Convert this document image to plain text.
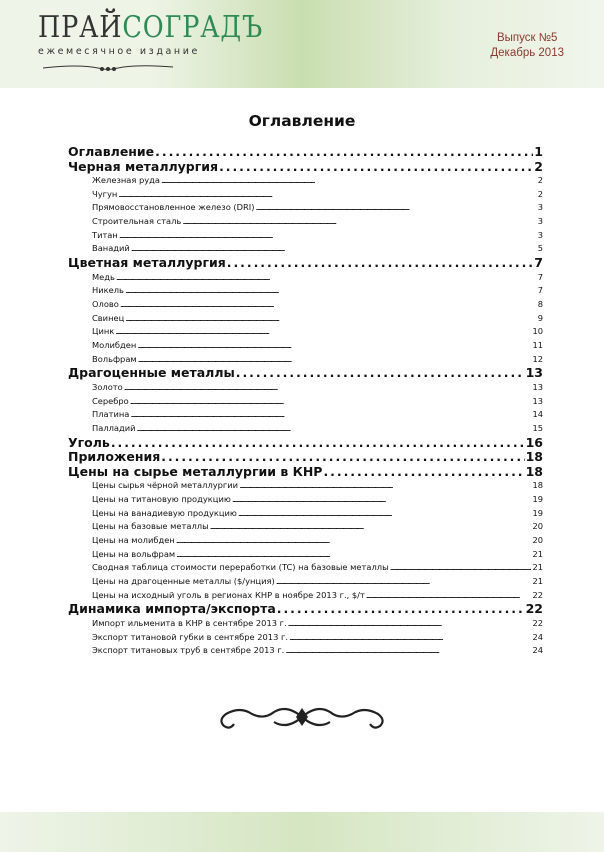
ПРАЙСОГРАДЪ
ежемесячное издание
Выпуск №5
Декабрь 2013
Оглавление
Оглавление . . .	1
Черная металлургия . . .	2
Железная руда . . .	2
Чугун . . .	2
Прямовосстановленное железо (DRI) . . .	3
Строительная сталь . . .	3
Титан . . .	3
Ванадий . . .	5
Цветная металлургия . . .	7
Медь . . .	7
Никель . . .	7
Олово . . .	8
Свинец . . .	9
Цинк . . .	10
Молибден . . .	11
Вольфрам . . .	12
Драгоценные металлы . . .	13
Золото . . .	13
Серебро . . .	13
Платина . . .	14
Палладий . . .	15
Уголь . . .	16
Приложения . . .	18
Цены на сырье металлургии в КНР . . .	18
Цены сырья чёрной металлургии . . .	18
Цены на титановую продукцию . . .	19
Цены на ванадиевую продукцию . . .	19
Цены на базовые металлы . . .	20
Цены на молибден . . .	20
Цены на вольфрам . . .	21
Сводная таблица стоимости переработки (TC) на базовые металлы . . .	21
Цены на драгоценные металлы ($/унция) . . .	21
Цены на исходный уголь в регионах КНР в ноябре 2013 г., $/т . . .	22
Динамика импорта/экспорта . . .	22
Импорт ильменита в КНР в сентябре 2013 г. . . .	22
Экспорт титановой губки в сентябре 2013 г. . . .	24
Экспорт титановых труб в сентябре 2013 г. . . .	24
